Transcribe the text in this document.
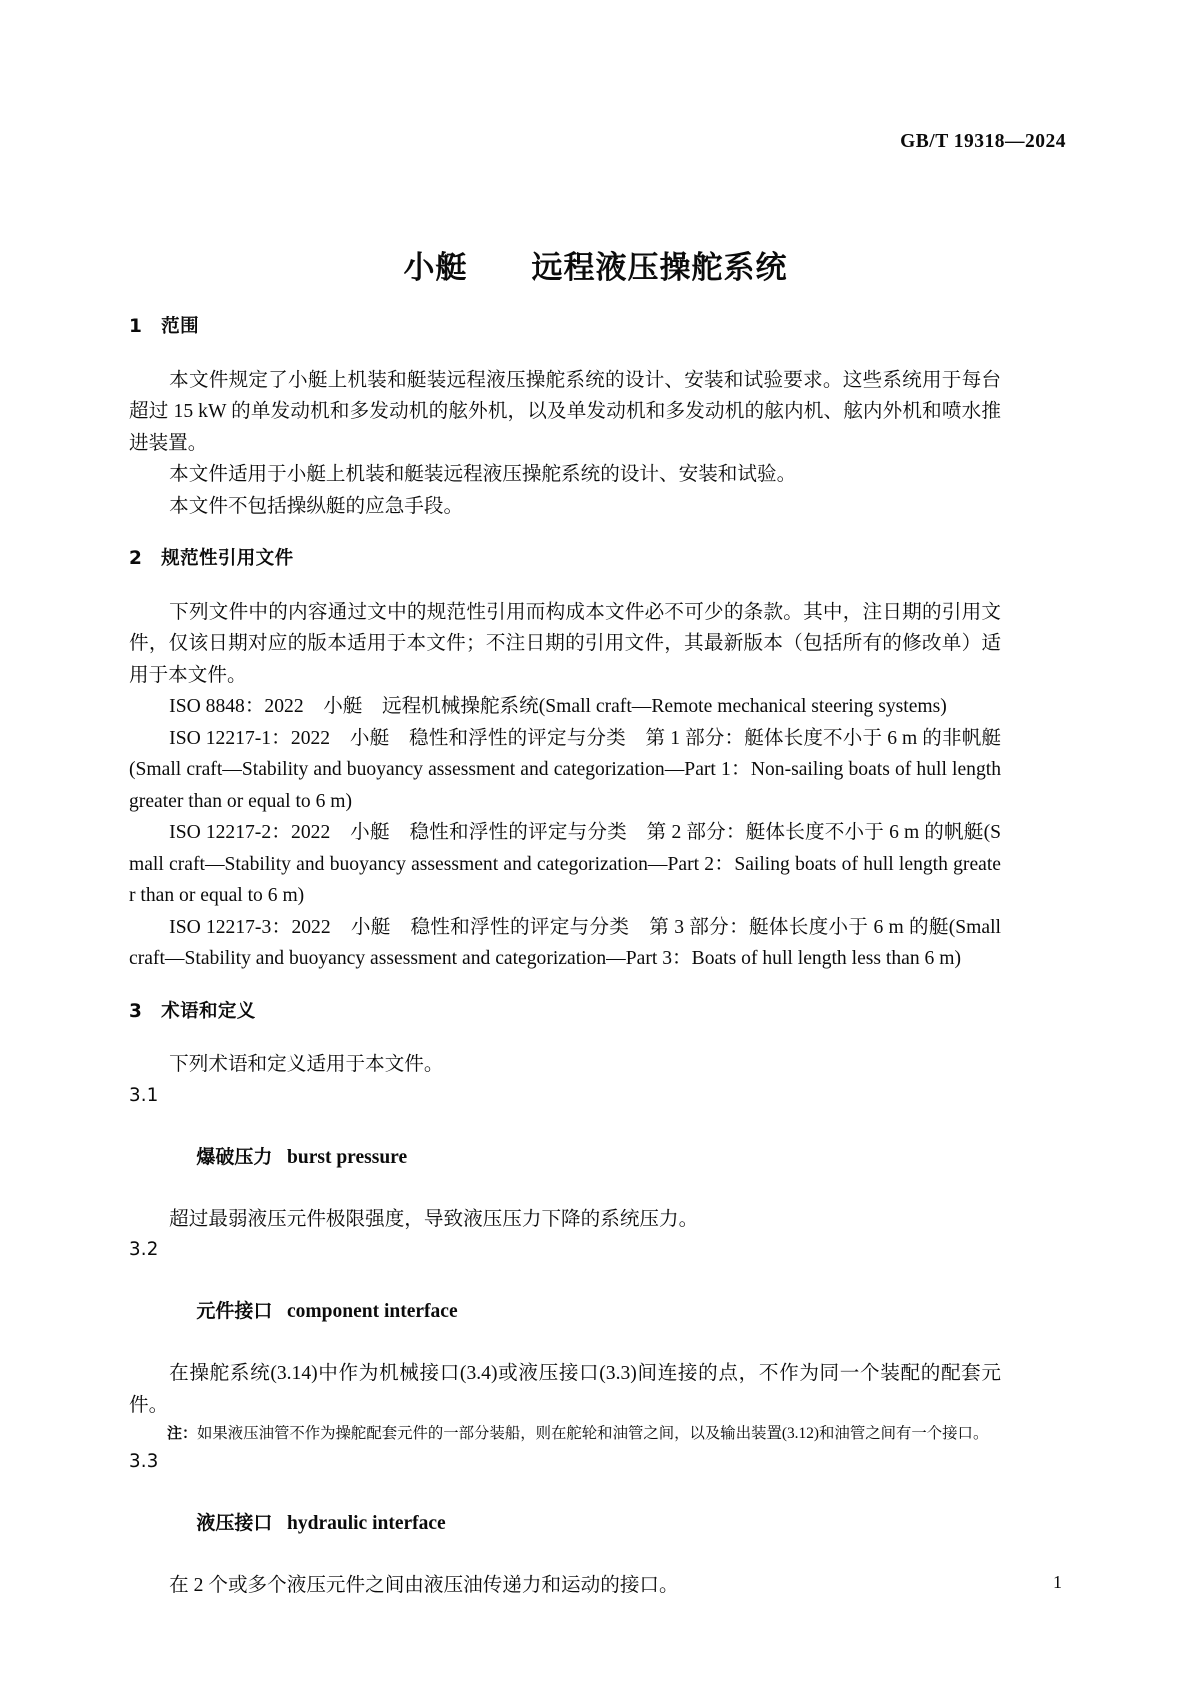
GB/T 19318—2024
小艇　　远程液压操舵系统
1　范围

本文件规定了小艇上机装和艇装远程液压操舵系统的设计、安装和试验要求。这些系统用于每台超过 15 kW 的单发动机和多发动机的舷外机，以及单发动机和多发动机的舷内机、舷内外机和喷水推进装置。

本文件适用于小艇上机装和艇装远程液压操舵系统的设计、安装和试验。

本文件不包括操纵艇的应急手段。

2　规范性引用文件

下列文件中的内容通过文中的规范性引用而构成本文件必不可少的条款。其中，注日期的引用文件，仅该日期对应的版本适用于本文件；不注日期的引用文件，其最新版本（包括所有的修改单）适用于本文件。

ISO 8848：2022　小艇　远程机械操舵系统(Small craft—Remote mechanical steering systems)

ISO 12217-1：2022　小艇　稳性和浮性的评定与分类　第 1 部分：艇体长度不小于 6 m 的非帆艇(Small craft—Stability and buoyancy assessment and categorization—Part 1：Non-sailing boats of hull length greater than or equal to 6 m)

ISO 12217-2：2022　小艇　稳性和浮性的评定与分类　第 2 部分：艇体长度不小于 6 m 的帆艇(Small craft—Stability and buoyancy assessment and categorization—Part 2：Sailing boats of hull length greater than or equal to 6 m)

ISO 12217-3：2022　小艇　稳性和浮性的评定与分类　第 3 部分：艇体长度小于 6 m 的艇(Small craft—Stability and buoyancy assessment and categorization—Part 3：Boats of hull length less than 6 m)

3　术语和定义

下列术语和定义适用于本文件。

3.1

爆破压力 burst pressure

超过最弱液压元件极限强度，导致液压压力下降的系统压力。

3.2

元件接口 component interface

在操舵系统(3.14)中作为机械接口(3.4)或液压接口(3.3)间连接的点，不作为同一个装配的配套元件。

注：如果液压油管不作为操舵配套元件的一部分装船，则在舵轮和油管之间，以及输出装置(3.12)和油管之间有一个接口。

3.3

液压接口 hydraulic interface

在 2 个或多个液压元件之间由液压油传递力和运动的接口。	1
